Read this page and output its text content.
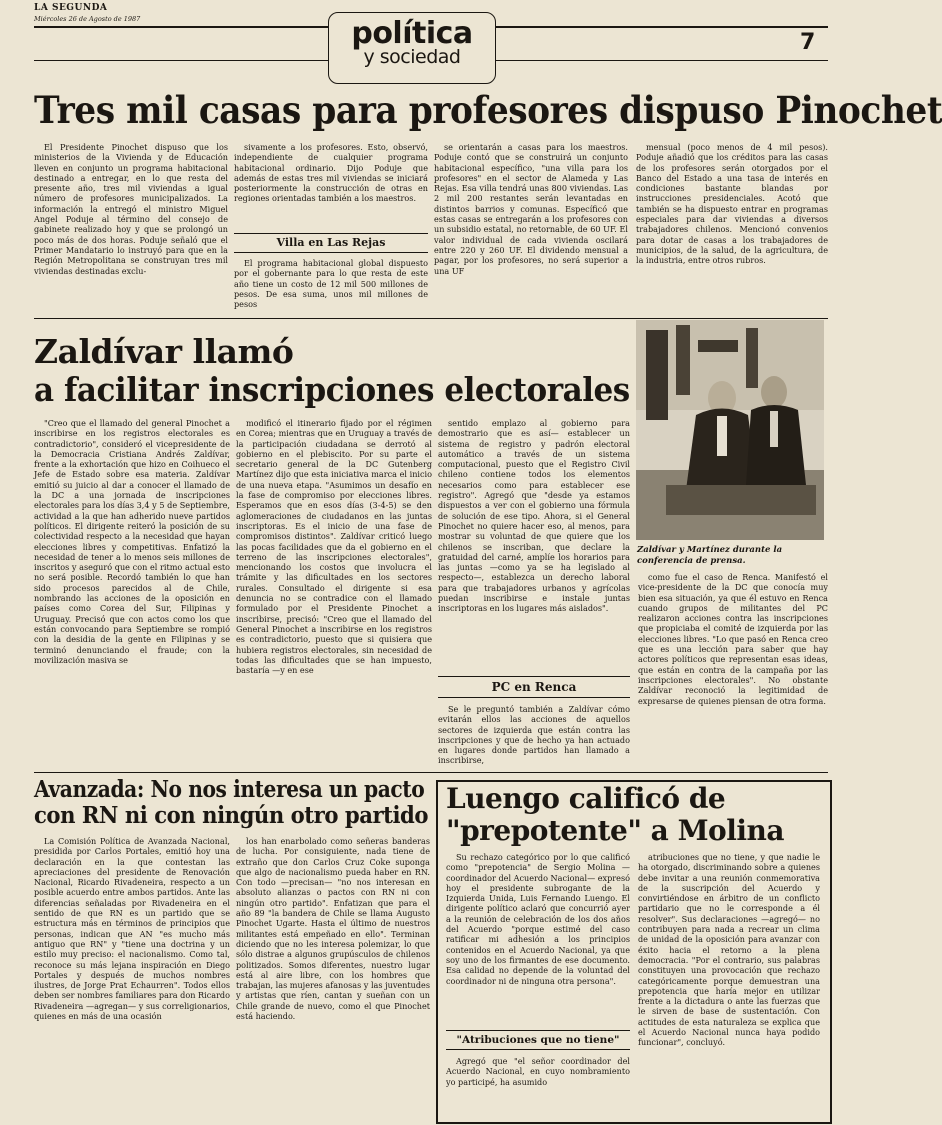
LA SEGUNDA
Miércoles 26 de Agosto de 1987	política
y sociedad
7
Tres mil casas para profesores dispuso Pinochet

El Presidente Pinochet dispuso que los ministerios de la Vivienda y de Educación lleven en conjunto un programa habitacional destinado a entregar, en lo que resta del presente año, tres mil viviendas a igual número de profesores municipalizados. La información la entregó el ministro Miguel Angel Poduje al término del consejo de gabinete realizado hoy y que se prolongó un poco más de dos horas. Poduje señaló que el Primer Mandatario lo instruyó para que en la Región Metropolitana se construyan tres mil viviendas destinadas exclu-

sivamente a los profesores. Esto, observó, independiente de cualquier programa habitacional ordinario. Dijo Poduje que además de estas tres mil viviendas se iniciará posteriormente la construcción de otras en regiones orientadas también a los maestros.

Villa en Las Rejas

El programa habitacional global dispuesto por el gobernante para lo que resta de este año tiene un costo de 12 mil 500 millones de pesos. De esa suma, unos mil millones de pesos

se orientarán a casas para los maestros. Poduje contó que se construirá un conjunto habitacional específico, "una villa para los profesores" en el sector de Alameda y Las Rejas. Esa villa tendrá unas 800 viviendas. Las 2 mil 200 restantes serán levantadas en distintos barrios y comunas. Específicó que estas casas se entregarán a los profesores con un subsidio estatal, no retornable, de 60 UF. El valor individual de cada vivienda oscilará entre 220 y 260 UF. El dividendo mensual a pagar, por los profesores, no será superior a una UF

mensual (poco menos de 4 mil pesos). Poduje añadió que los créditos para las casas de los profesores serán otorgados por el Banco del Estado a una tasa de interés en condiciones bastante blandas por instrucciones presidenciales. Acotó que también se ha dispuesto entrar en programas especiales para dar viviendas a diversos trabajadores chilenos. Mencionó convenios para dotar de casas a los trabajadores de municipios, de la salud, de la agricultura, de la industria, entre otros rubros.

Zaldívar llamó
a facilitar inscripciones electorales
Zaldívar y Martínez durante la conferencia de prensa.

"Creo que el llamado del general Pinochet a inscribirse en los registros electorales es contradictorio", consideró el vicepresidente de la Democracia Cristiana Andrés Zaldívar, frente a la exhortación que hizo en Coihueco el Jefe de Estado sobre esa materia. Zaldívar emitió su juicio al dar a conocer el llamado de la DC a una jornada de inscripciones electorales para los días 3,4 y 5 de Septiembre, actividad a la que han adherido nueve partidos políticos. El dirigente reiteró la posición de su colectividad respecto a la necesidad que hayan elecciones libres y competitivas. Enfatizó la necesidad de tener a lo menos seis millones de inscritos y aseguró que con el ritmo actual esto no será posible. Recordó también lo que han sido procesos parecidos al de Chile, nombrando las acciones de la oposición en países como Corea del Sur, Filipinas y Uruguay. Precisó que con actos como los que están convocando para Septiembre se rompió con la desidia de la gente en Filipinas y se terminó denunciando el fraude; con la movilización masiva se

modificó el itinerario fijado por el régimen en Corea; mientras que en Uruguay a través de la participación ciudadana se derrotó al gobierno en el plebiscito. Por su parte el secretario general de la DC Gutenberg Martínez dijo que esta iniciativa marca el inicio de una nueva etapa. "Asumimos un desafío en la fase de compromiso por elecciones libres. Esperamos que en esos días (3-4-5) se den aglomeraciones de ciudadanos en las juntas inscriptoras. Es el inicio de una fase de compromisos distintos". Zaldívar criticó luego las pocas facilidades que da el gobierno en el terreno de las inscripciones electorales", mencionando los costos que involucra el trámite y las dificultades en los sectores rurales. Consultado el dirigente si esa denuncia no se contradice con el llamado formulado por el Presidente Pinochet a inscribirse, precisó: "Creo que el llamado del General Pinochet a inscribirse en los registros es contradictorio, puesto que si quisiera que hubiera registros electorales, sin necesidad de todas las dificultades que se han impuesto, bastaría —y en ese

sentido emplazo al gobierno para demostrario que es así— establecer un sistema de registro y padrón electoral automático a través de un sistema computacional, puesto que el Registro Civil chileno contiene todos los elementos necesarios como para establecer ese registro". Agregó que "desde ya estamos dispuestos a ver con el gobierno una fórmula de solución de ese tipo. Ahora, si el General Pinochet no quiere hacer eso, al menos, para mostrar su voluntad de que quiere que los chilenos se inscriban, que declare la gratuidad del carné, amplíe los horarios para las juntas —como ya se ha legislado al respecto—, establezca un derecho laboral para que trabajadores urbanos y agrícolas puedan inscribirse e instale juntas inscriptoras en los lugares más aislados".

PC en Renca

Se le preguntó también a Zaldívar cómo evitarán ellos las acciones de aquellos sectores de izquierda que están contra las inscripciones y que de hecho ya han actuado en lugares donde partidos han llamado a inscribirse,

como fue el caso de Renca. Manifestó el vice-presidente de la DC que conocía muy bien esa situación, ya que él estuvo en Renca cuando grupos de militantes del PC realizaron acciones contra las inscripciones que propiciaba el comité de izquierda por las elecciones libres. "Lo que pasó en Renca creo que es una lección para saber que hay actores políticos que representan esas ideas, que están en contra de la campaña por las inscripciones electorales". No obstante Zaldívar reconoció la legitimidad de expresarse de quienes piensan de otra forma.

Avanzada: No nos interesa un pacto
con RN ni con ningún otro partido

La Comisión Política de Avanzada Nacional, presidida por Carlos Portales, emitió hoy una declaración en la que contestan las apreciaciones del presidente de Renovación Nacional, Ricardo Rivadeneira, respecto a un posible acuerdo entre ambos partidos. Ante las diferencias señaladas por Rivadeneira en el sentido de que RN es un partido que se estructura más en términos de principios que personas, indican que AN "es mucho más antiguo que RN" y "tiene una doctrina y un estilo muy preciso: el nacionalismo. Como tal, reconoce su más lejana inspiración en Diego Portales y después de muchos nombres ilustres, de Jorge Prat Echaurren". Todos ellos deben ser nombres familiares para don Ricardo Rivadeneira —agregan— y sus correligionarios, quienes en más de una ocasión

los han enarbolado como señeras banderas de lucha. Por consiguiente, nada tiene de extraño que don Carlos Cruz Coke suponga que algo de nacionalismo pueda haber en RN. Con todo —precisan— "no nos interesan en absoluto alianzas o pactos con RN ni con ningún otro partido". Enfatizan que para el año 89 "la bandera de Chile se llama Augusto Pinochet Ugarte. Hasta el último de nuestros militantes está empeñado en ello". Terminan diciendo que no les interesa polemizar, lo que sólo distrae a algunos grupúsculos de chilenos politizados. Somos diferentes, nuestro lugar está al aire libre, con los hombres que trabajan, las mujeres afanosas y las juventudes y artistas que ríen, cantan y sueñan con un Chile grande de nuevo, como el que Pinochet está haciendo.

Luengo calificó de
"prepotente" a Molina

Su rechazo categórico por lo que calificó como "prepotencia" de Sergio Molina —coordinador del Acuerdo Nacional— expresó hoy el presidente subrogante de la Izquierda Unida, Luis Fernando Luengo. El dirigente político aclaró que concurrió ayer a la reunión de celebración de los dos años del Acuerdo "porque estimé del caso ratificar mi adhesión a los principios contenidos en el Acuerdo Nacional, ya que soy uno de los firmantes de ese documento. Esa calidad no depende de la voluntad del coordinador ni de ninguna otra persona".

"Atribuciones que no tiene"

Agregó que "el señor coordinador del Acuerdo Nacional, en cuyo nombramiento yo participé, ha asumido

atribuciones que no tiene, y que nadie le ha otorgado, discriminando sobre a quienes debe invitar a una reunión conmemorativa de la suscripción del Acuerdo y convirtiéndose en árbitro de un conflicto partidario que no le corresponde a él resolver". Sus declaraciones —agregó— no contribuyen para nada a recrear un clima de unidad de la oposición para avanzar con éxito hacia el retorno a la plena democracia. "Por el contrario, sus palabras constituyen una provocación que rechazo categóricamente porque demuestran una prepotencia que haría mejor en utilizar frente a la dictadura o ante las fuerzas que le sirven de base de sustentación. Con actitudes de esta naturaleza se explica que el Acuerdo Nacional nunca haya podido funcionar", concluyó.
